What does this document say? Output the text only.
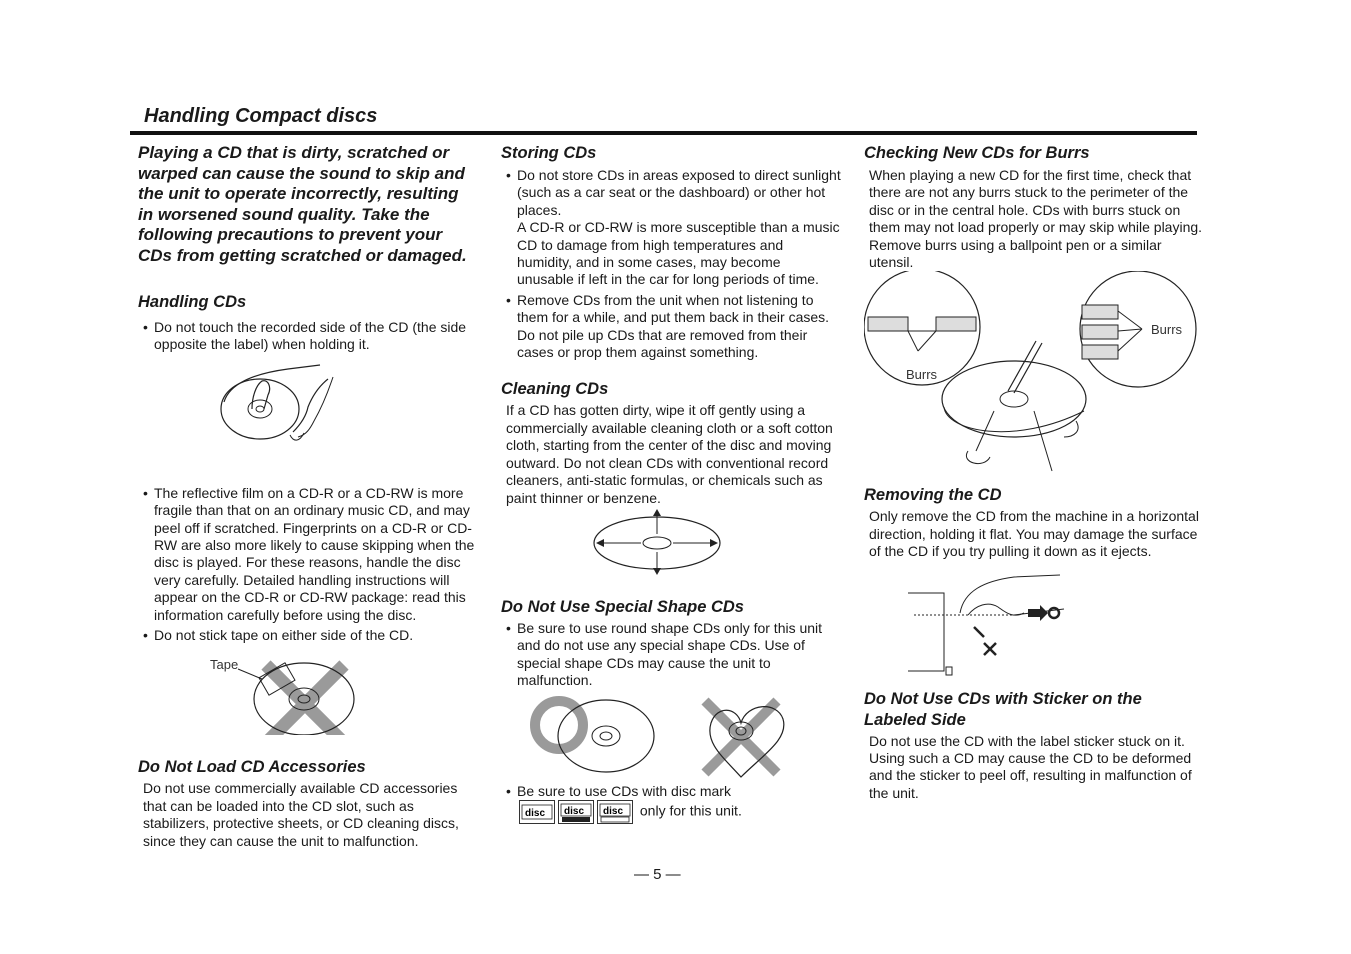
Handling Compact discs

Playing a CD that is dirty, scratched or warped can cause the sound to skip and the unit to operate incorrectly, resulting in worsened sound quality. Take the following precautions to prevent your CDs from getting scratched or damaged.

Handling CDs
• Do not touch the recorded side of the CD (the side opposite the label) when holding it.
• The reflective film on a CD-R or a CD-RW is more fragile than that on an ordinary music CD, and may peel off if scratched. Fingerprints on a CD-R or CD-RW are also more likely to cause skipping when the disc is played. For these reasons, handle the disc very carefully. Detailed handling instructions will appear on the CD-R or CD-RW package: read this information carefully before using the disc.
• Do not stick tape on either side of the CD.
Tape
Do Not Load CD Accessories

Do not use commercially available CD accessories that can be loaded into the CD slot, such as stabilizers, protective sheets, or CD cleaning discs, since they can cause the unit to malfunction.

Storing CDs
• Do not store CDs in areas exposed to direct sunlight (such as a car seat or the dashboard) or other hot places.
A CD-R or CD-RW is more susceptible than a music CD to damage from high temperatures and humidity, and in some cases, may become unusable if left in the car for long periods of time.
• Remove CDs from the unit when not listening to them for a while, and put them back in their cases. Do not pile up CDs that are removed from their cases or prop them against something.
Cleaning CDs

If a CD has gotten dirty, wipe it off gently using a commercially available cleaning cloth or a soft cotton cloth, starting from the center of the disc and moving outward. Do not clean CDs with conventional record cleaners, anti-static formulas, or chemicals such as paint thinner or benzene.

Do Not Use Special Shape CDs
• Be sure to use round shape CDs only for this unit and do not use any special shape CDs. Use of special shape CDs may cause the unit to malfunction.
• Be sure to use CDs with disc mark
disc disc disc only for this unit.
Checking New CDs for Burrs

When playing a new CD for the first time, check that there are not any burrs stuck to the perimeter of the disc or in the central hole. CDs with burrs stuck on them may not load properly or may skip while playing. Remove burrs using a ballpoint pen or a similar utensil.

Burrs
Burrs
Removing the CD

Only remove the CD from the machine in a horizontal direction, holding it flat. You may damage the surface of the CD if you try pulling it down as it ejects.

Do Not Use CDs with Sticker on the Labeled Side

Do not use the CD with the label sticker stuck on it.

Using such a CD may cause the CD to be deformed and the sticker to peel off, resulting in malfunction of the unit.

— 5 —
